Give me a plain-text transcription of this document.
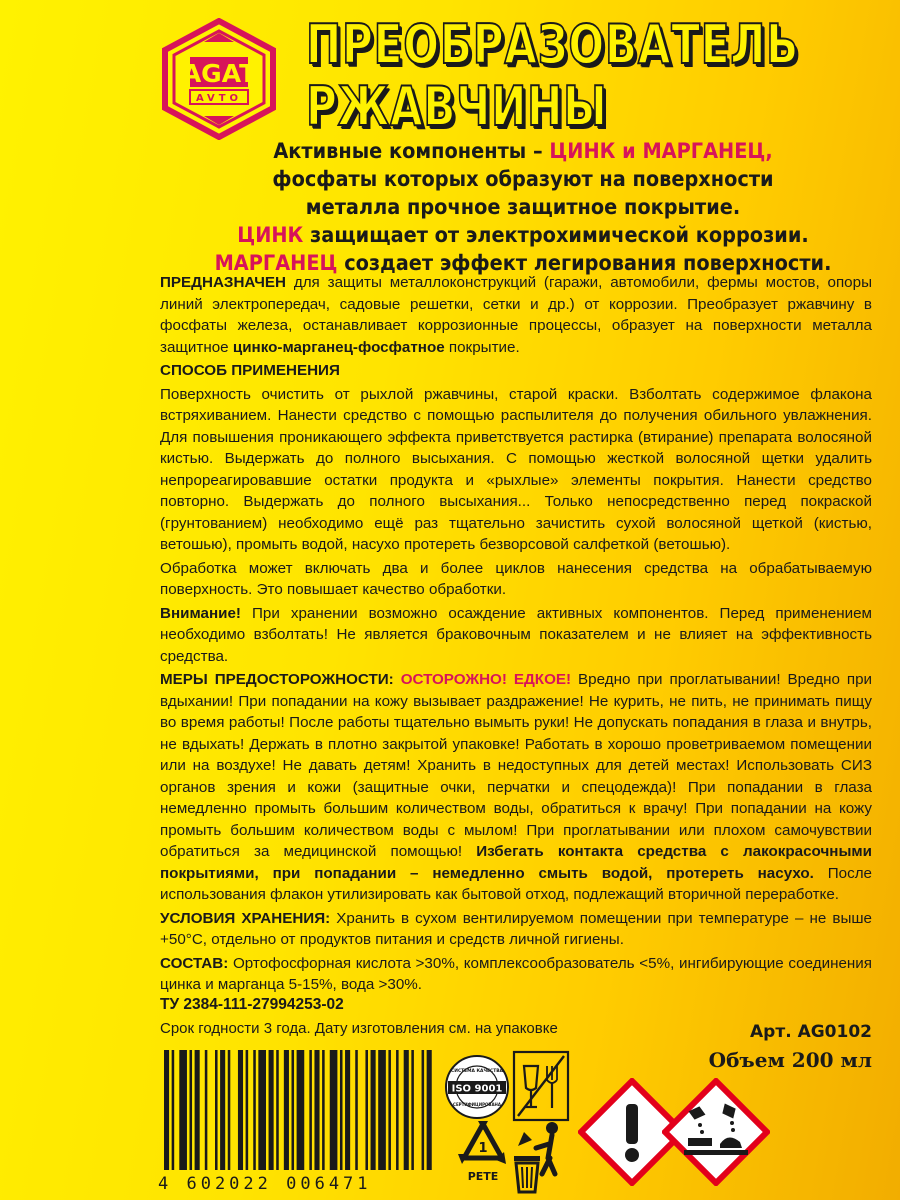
AGAT
AVTO
ПРЕОБРАЗОВАТЕЛЬ
РЖАВЧИНЫ
Активные компоненты – ЦИНК и МАРГАНЕЦ,
фосфаты которых образуют на поверхности
металла прочное защитное покрытие.
ЦИНК защищает от электрохимической коррозии.
МАРГАНЕЦ создает эффект легирования поверхности.

ПРЕДНАЗНАЧЕН для защиты металлоконструкций (гаражи, автомобили, фермы мостов, опоры линий электропередач, садовые решетки, сетки и др.) от коррозии. Преобразует ржавчину в фосфаты железа, останавливает коррозионные процессы, образует на поверхности металла защитное цинко-марганец-фосфатное покрытие.

СПОСОБ ПРИМЕНЕНИЯ

Поверхность очистить от рыхлой ржавчины, старой краски. Взболтать содержимое флакона встряхиванием. Нанести средство с помощью распылителя до получения обильного увлажнения. Для повышения проникающего эффекта приветствуется растирка (втирание) препарата волосяной кистью. Выдержать до полного высыхания. С помощью жесткой волосяной щетки удалить непрореагировавшие остатки продукта и «рыхлые» элементы покрытия. Нанести средство повторно. Выдержать до полного высыхания... Только непосредственно перед покраской (грунтованием) необходимо ещё раз тщательно зачистить сухой волосяной щеткой (кистью, ветошью), промыть водой, насухо протереть безворсовой салфеткой (ветошью).

Обработка может включать два и более циклов нанесения средства на обрабатываемую поверхность. Это повышает качество обработки.

Внимание! При хранении возможно осаждение активных компонентов. Перед применением необходимо взболтать! Не является браковочным показателем и не влияет на эффективность средства.

МЕРЫ ПРЕДОСТОРОЖНОСТИ: ОСТОРОЖНО! ЕДКОЕ! Вредно при проглатывании! Вредно при вдыхании! При попадании на кожу вызывает раздражение! Не курить, не пить, не принимать пищу во время работы! После работы тщательно вымыть руки! Не допускать попадания в глаза и внутрь, не вдыхать! Держать в плотно закрытой упаковке! Работать в хорошо проветриваемом помещении или на воздухе! Не давать детям! Хранить в недоступных для детей местах! Использовать СИЗ органов зрения и кожи (защитные очки, перчатки и спецодежда)! При попадании в глаза немедленно промыть большим количеством воды, обратиться к врачу! При попадании на кожу промыть большим количеством воды с мылом! При проглатывании или плохом самочувствии обратиться за медицинской помощью! Избегать контакта средства с лакокрасочными покрытиями, при попадании – немедленно смыть водой, протереть насухо. После использования флакон утилизировать как бытовой отход, подлежащий вторичной переработке.

УСЛОВИЯ ХРАНЕНИЯ: Хранить в сухом вентилируемом помещении при температуре – не выше +50°С, отдельно от продуктов питания и средств личной гигиены.

СОСТАВ: Ортофосфорная кислота >30%, комплексообразователь <5%, ингибирующие соединения цинка и марганца 5-15%, вода >30%.

ТУ 2384-111-27994253-02
Срок годности 3 года. Дату изготовления см. на упаковке	Арт. AG0102
Объем 200 мл
4 602022 006471
ISO 9001
СИСТЕМА КАЧЕСТВА
СЕРТИФИЦИРОВАНА
1
PETE
